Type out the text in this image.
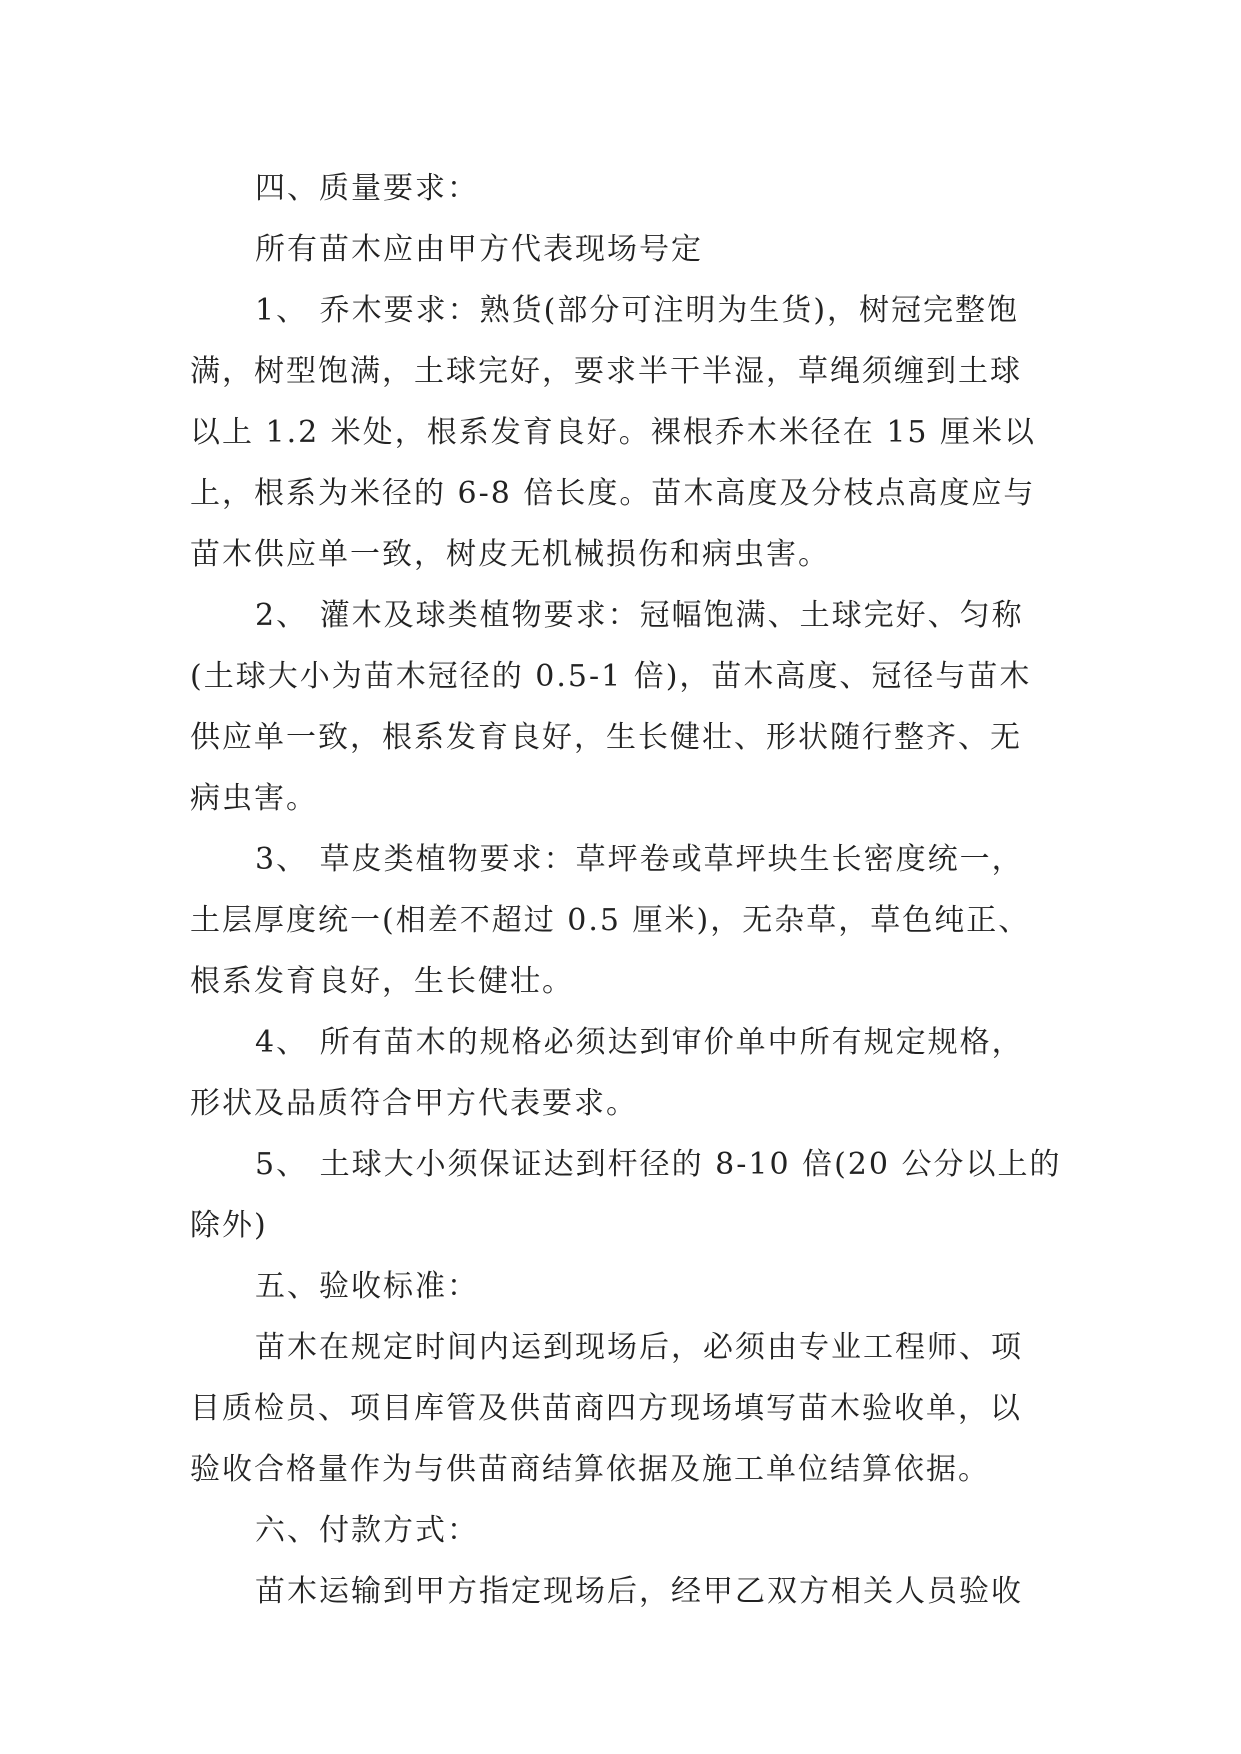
四、质量要求：
所有苗木应由甲方代表现场号定
1、 乔木要求：熟货(部分可注明为生货)，树冠完整饱
满，树型饱满，土球完好，要求半干半湿，草绳须缠到土球
以上 1.2 米处，根系发育良好。裸根乔木米径在 15 厘米以
上，根系为米径的 6-8 倍长度。苗木高度及分枝点高度应与
苗木供应单一致，树皮无机械损伤和病虫害。
2、 灌木及球类植物要求：冠幅饱满、土球完好、匀称
(土球大小为苗木冠径的 0.5-1 倍)，苗木高度、冠径与苗木
供应单一致，根系发育良好，生长健壮、形状随行整齐、无
病虫害。
3、 草皮类植物要求：草坪卷或草坪块生长密度统一，
土层厚度统一(相差不超过 0.5 厘米)，无杂草，草色纯正、
根系发育良好，生长健壮。
4、 所有苗木的规格必须达到审价单中所有规定规格，
形状及品质符合甲方代表要求。
5、 土球大小须保证达到杆径的 8-10 倍(20 公分以上的
除外)
五、验收标准：
苗木在规定时间内运到现场后，必须由专业工程师、项
目质检员、项目库管及供苗商四方现场填写苗木验收单，以
验收合格量作为与供苗商结算依据及施工单位结算依据。
六、付款方式：
苗木运输到甲方指定现场后，经甲乙双方相关人员验收
